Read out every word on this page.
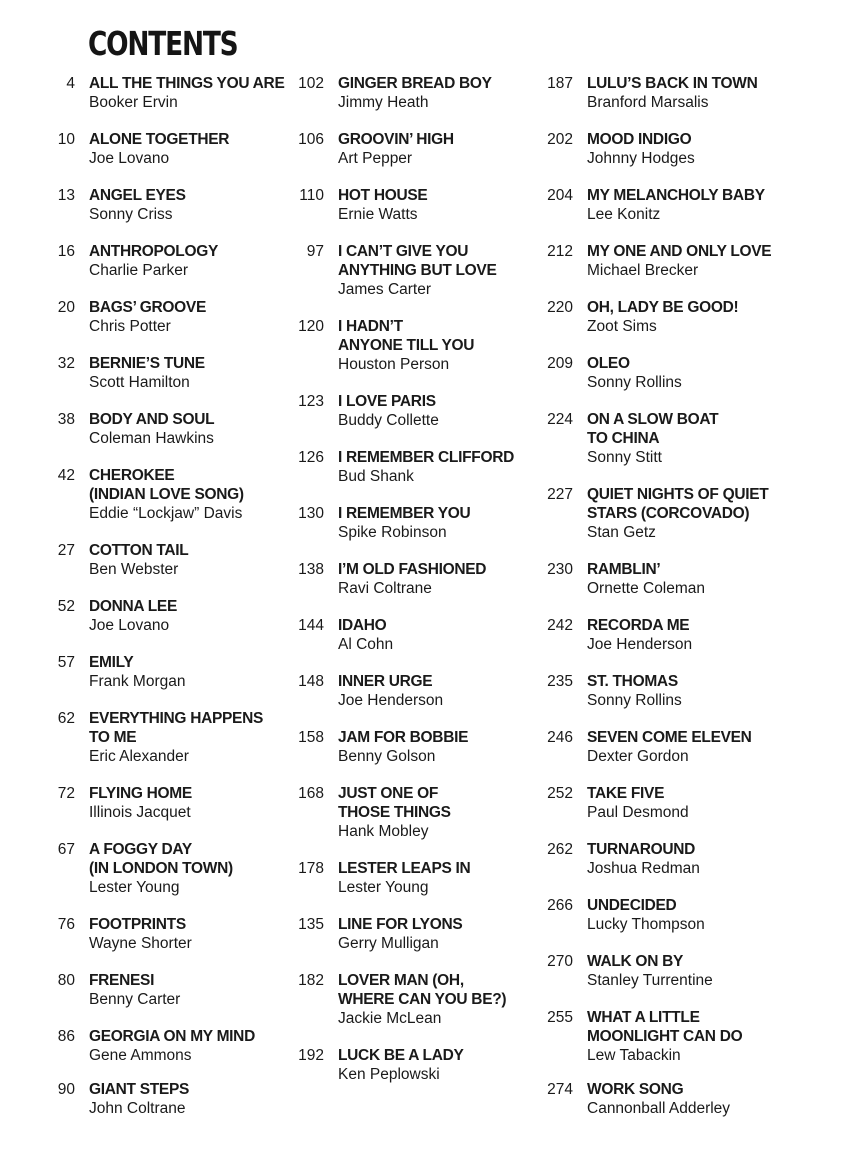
CONTENTS
4 ALL THE THINGS YOU ARE
Booker Ervin
10 ALONE TOGETHER
Joe Lovano
13 ANGEL EYES
Sonny Criss
16 ANTHROPOLOGY
Charlie Parker
20 BAGS’ GROOVE
Chris Potter
32 BERNIE’S TUNE
Scott Hamilton
38 BODY AND SOUL
Coleman Hawkins
42 CHEROKEE
(INDIAN LOVE SONG)
Eddie “Lockjaw” Davis
27 COTTON TAIL
Ben Webster
52 DONNA LEE
Joe Lovano
57 EMILY
Frank Morgan
62 EVERYTHING HAPPENS
TO ME
Eric Alexander
72 FLYING HOME
Illinois Jacquet
67 A FOGGY DAY
(IN LONDON TOWN)
Lester Young
76 FOOTPRINTS
Wayne Shorter
80 FRENESI
Benny Carter
86 GEORGIA ON MY MIND
Gene Ammons
90 GIANT STEPS
John Coltrane
102 GINGER BREAD BOY
Jimmy Heath
106 GROOVIN’ HIGH
Art Pepper
110 HOT HOUSE
Ernie Watts
97 I CAN’T GIVE YOU
ANYTHING BUT LOVE
James Carter
120 I HADN’T
ANYONE TILL YOU
Houston Person
123 I LOVE PARIS
Buddy Collette
126 I REMEMBER CLIFFORD
Bud Shank
130 I REMEMBER YOU
Spike Robinson
138 I’M OLD FASHIONED
Ravi Coltrane
144 IDAHO
Al Cohn
148 INNER URGE
Joe Henderson
158 JAM FOR BOBBIE
Benny Golson
168 JUST ONE OF
THOSE THINGS
Hank Mobley
178 LESTER LEAPS IN
Lester Young
135 LINE FOR LYONS
Gerry Mulligan
182 LOVER MAN (OH,
WHERE CAN YOU BE?)
Jackie McLean
192 LUCK BE A LADY
Ken Peplowski
187 LULU’S BACK IN TOWN
Branford Marsalis
202 MOOD INDIGO
Johnny Hodges
204 MY MELANCHOLY BABY
Lee Konitz
212 MY ONE AND ONLY LOVE
Michael Brecker
220 OH, LADY BE GOOD!
Zoot Sims
209 OLEO
Sonny Rollins
224 ON A SLOW BOAT
TO CHINA
Sonny Stitt
227 QUIET NIGHTS OF QUIET
STARS (CORCOVADO)
Stan Getz
230 RAMBLIN’
Ornette Coleman
242 RECORDA ME
Joe Henderson
235 ST. THOMAS
Sonny Rollins
246 SEVEN COME ELEVEN
Dexter Gordon
252 TAKE FIVE
Paul Desmond
262 TURNAROUND
Joshua Redman
266 UNDECIDED
Lucky Thompson
270 WALK ON BY
Stanley Turrentine
255 WHAT A LITTLE
MOONLIGHT CAN DO
Lew Tabackin
274 WORK SONG
Cannonball Adderley
